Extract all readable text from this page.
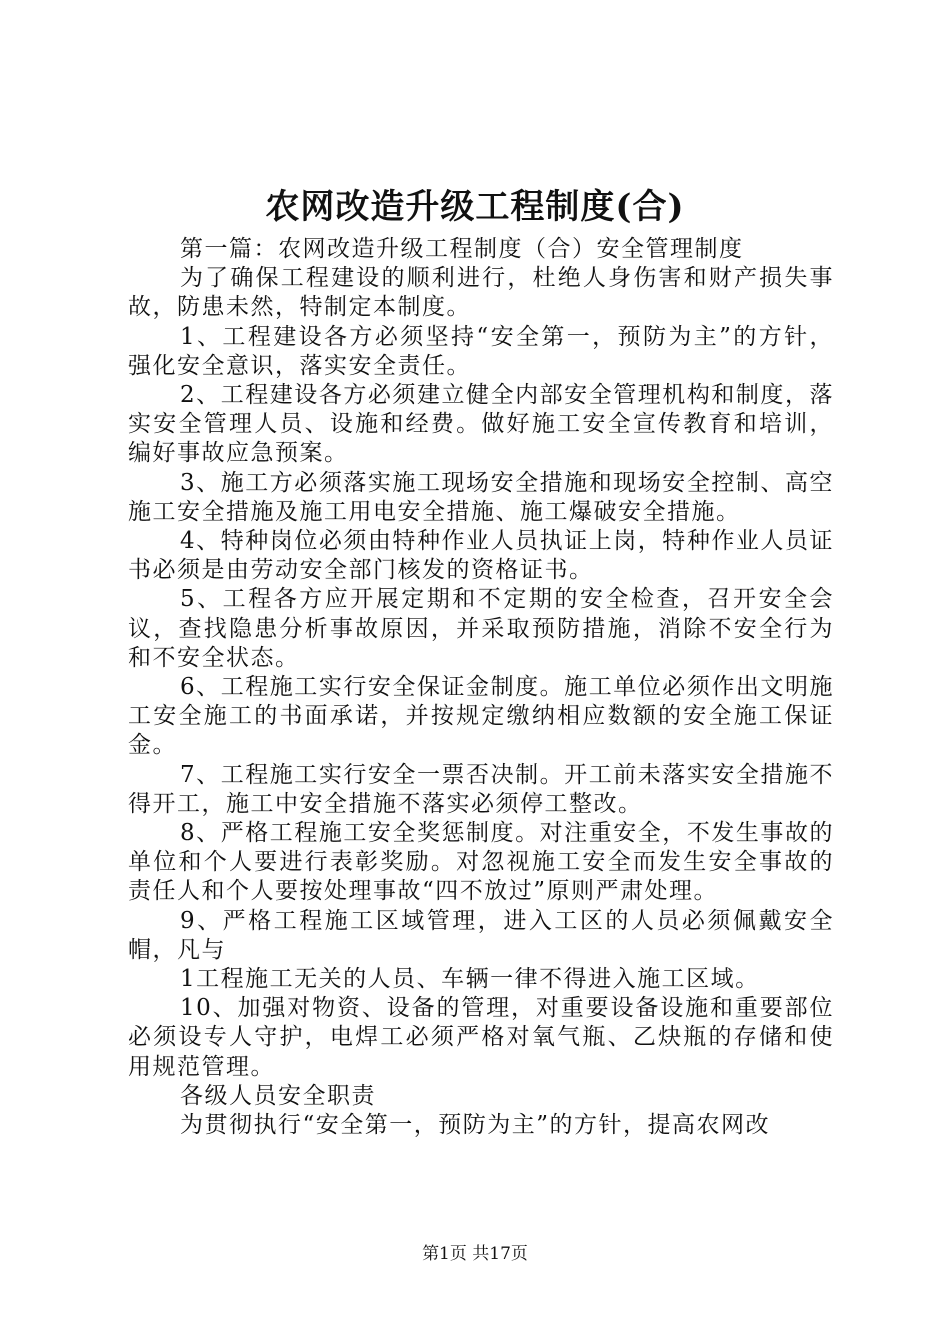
农网改造升级工程制度(合)

第一篇：农网改造升级工程制度（合）安全管理制度

为了确保工程建设的顺利进行，杜绝人身伤害和财产损失事故，防患未然，特制定本制度。

1、工程建设各方必须坚持“安全第一，预防为主”的方针，强化安全意识，落实安全责任。

2、工程建设各方必须建立健全内部安全管理机构和制度，落实安全管理人员、设施和经费。做好施工安全宣传教育和培训，编好事故应急预案。

3、施工方必须落实施工现场安全措施和现场安全控制、高空施工安全措施及施工用电安全措施、施工爆破安全措施。

4、特种岗位必须由特种作业人员执证上岗，特种作业人员证书必须是由劳动安全部门核发的资格证书。

5、工程各方应开展定期和不定期的安全检查，召开安全会议，查找隐患分析事故原因，并采取预防措施，消除不安全行为和不安全状态。

6、工程施工实行安全保证金制度。施工单位必须作出文明施工安全施工的书面承诺，并按规定缴纳相应数额的安全施工保证金。

7、工程施工实行安全一票否决制。开工前未落实安全措施不得开工，施工中安全措施不落实必须停工整改。

8、严格工程施工安全奖惩制度。对注重安全，不发生事故的单位和个人要进行表彰奖励。对忽视施工安全而发生安全事故的责任人和个人要按处理事故“四不放过”原则严肃处理。

9、严格工程施工区域管理，进入工区的人员必须佩戴安全帽，凡与

1工程施工无关的人员、车辆一律不得进入施工区域。

10、加强对物资、设备的管理，对重要设备设施和重要部位必须设专人守护，电焊工必须严格对氧气瓶、乙炔瓶的存储和使用规范管理。

各级人员安全职责

为贯彻执行“安全第一，预防为主”的方针，提高农网改

第1页 共17页
